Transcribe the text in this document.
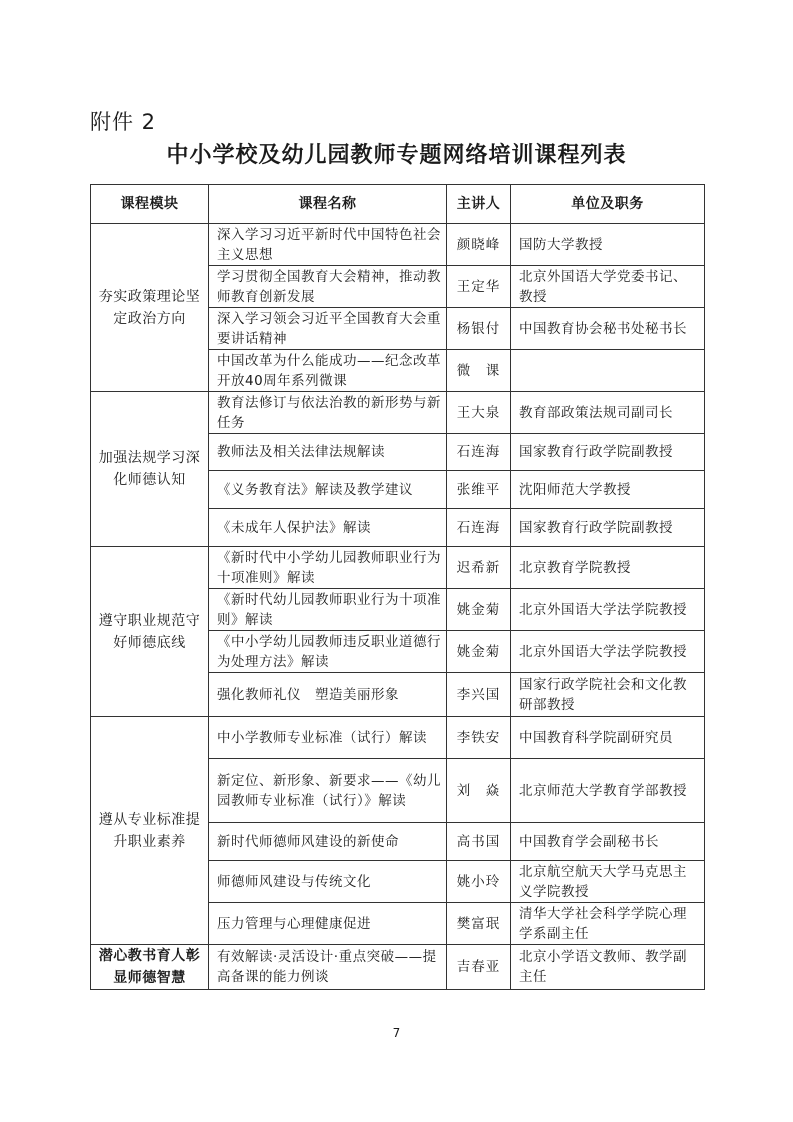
附件 2
中小学校及幼儿园教师专题网络培训课程列表
课程模块	课程名称	主讲人	单位及职务
夯实政策理论坚定政治方向	深入学习习近平新时代中国特色社会主义思想	颜晓峰	国防大学教授
	学习贯彻全国教育大会精神，推动教师教育创新发展	王定华	北京外国语大学党委书记、教授
	深入学习领会习近平全国教育大会重要讲话精神	杨银付	中国教育协会秘书处秘书长
	中国改革为什么能成功——纪念改革开放40周年系列微课	微　课	
加强法规学习深化师德认知	教育法修订与依法治教的新形势与新任务	王大泉	教育部政策法规司副司长
	教师法及相关法律法规解读	石连海	国家教育行政学院副教授
	《义务教育法》解读及教学建议	张维平	沈阳师范大学教授
	《未成年人保护法》解读	石连海	国家教育行政学院副教授
遵守职业规范守好师德底线	《新时代中小学幼儿园教师职业行为十项准则》解读	迟希新	北京教育学院教授
	《新时代幼儿园教师职业行为十项准则》解读	姚金菊	北京外国语大学法学院教授
	《中小学幼儿园教师违反职业道德行为处理方法》解读	姚金菊	北京外国语大学法学院教授
	强化教师礼仪　塑造美丽形象	李兴国	国家行政学院社会和文化教研部教授
遵从专业标准提升职业素养	中小学教师专业标准（试行）解读	李铁安	中国教育科学院副研究员
	新定位、新形象、新要求——《幼儿园教师专业标准（试行）》解读	刘　焱	北京师范大学教育学部教授
	新时代师德师风建设的新使命	高书国	中国教育学会副秘书长
	师德师风建设与传统文化	姚小玲	北京航空航天大学马克思主义学院教授
	压力管理与心理健康促进	樊富珉	清华大学社会科学学院心理学系副主任
潜心教书育人彰显师德智慧	有效解读·灵活设计·重点突破——提高备课的能力例谈	吉春亚	北京小学语文教师、教学副主任
7
